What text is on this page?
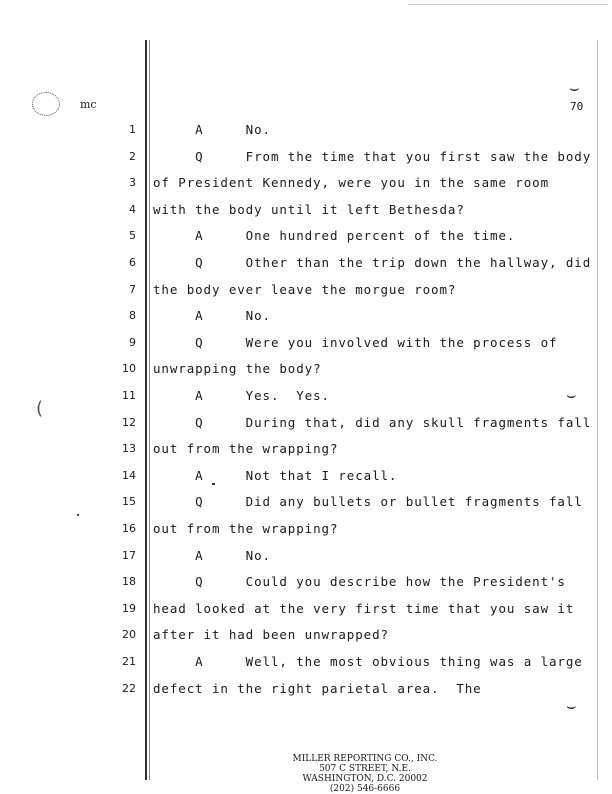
mc	70
⌣
⌣
⌣
(
1 A     No.
2 Q     From the time that you first saw the body
3 of President Kennedy, were you in the same room
4 with the body until it left Bethesda?
5 A     One hundred percent of the time.
6 Q     Other than the trip down the hallway, did
7 the body ever leave the morgue room?
8 A     No.
9 Q     Were you involved with the process of
10 unwrapping the body?
11 A     Yes.  Yes.
12 Q     During that, did any skull fragments fall
13 out from the wrapping?
14 A     Not that I recall.
15 Q     Did any bullets or bullet fragments fall
16 out from the wrapping?
17 A     No.
18 Q     Could you describe how the President's
19 head looked at the very first time that you saw it
20 after it had been unwrapped?
21 A     Well, the most obvious thing was a large
22 defect in the right parietal area.  The
MILLER REPORTING CO., INC.
507 C STREET, N.E.
WASHINGTON, D.C. 20002
(202) 546-6666
